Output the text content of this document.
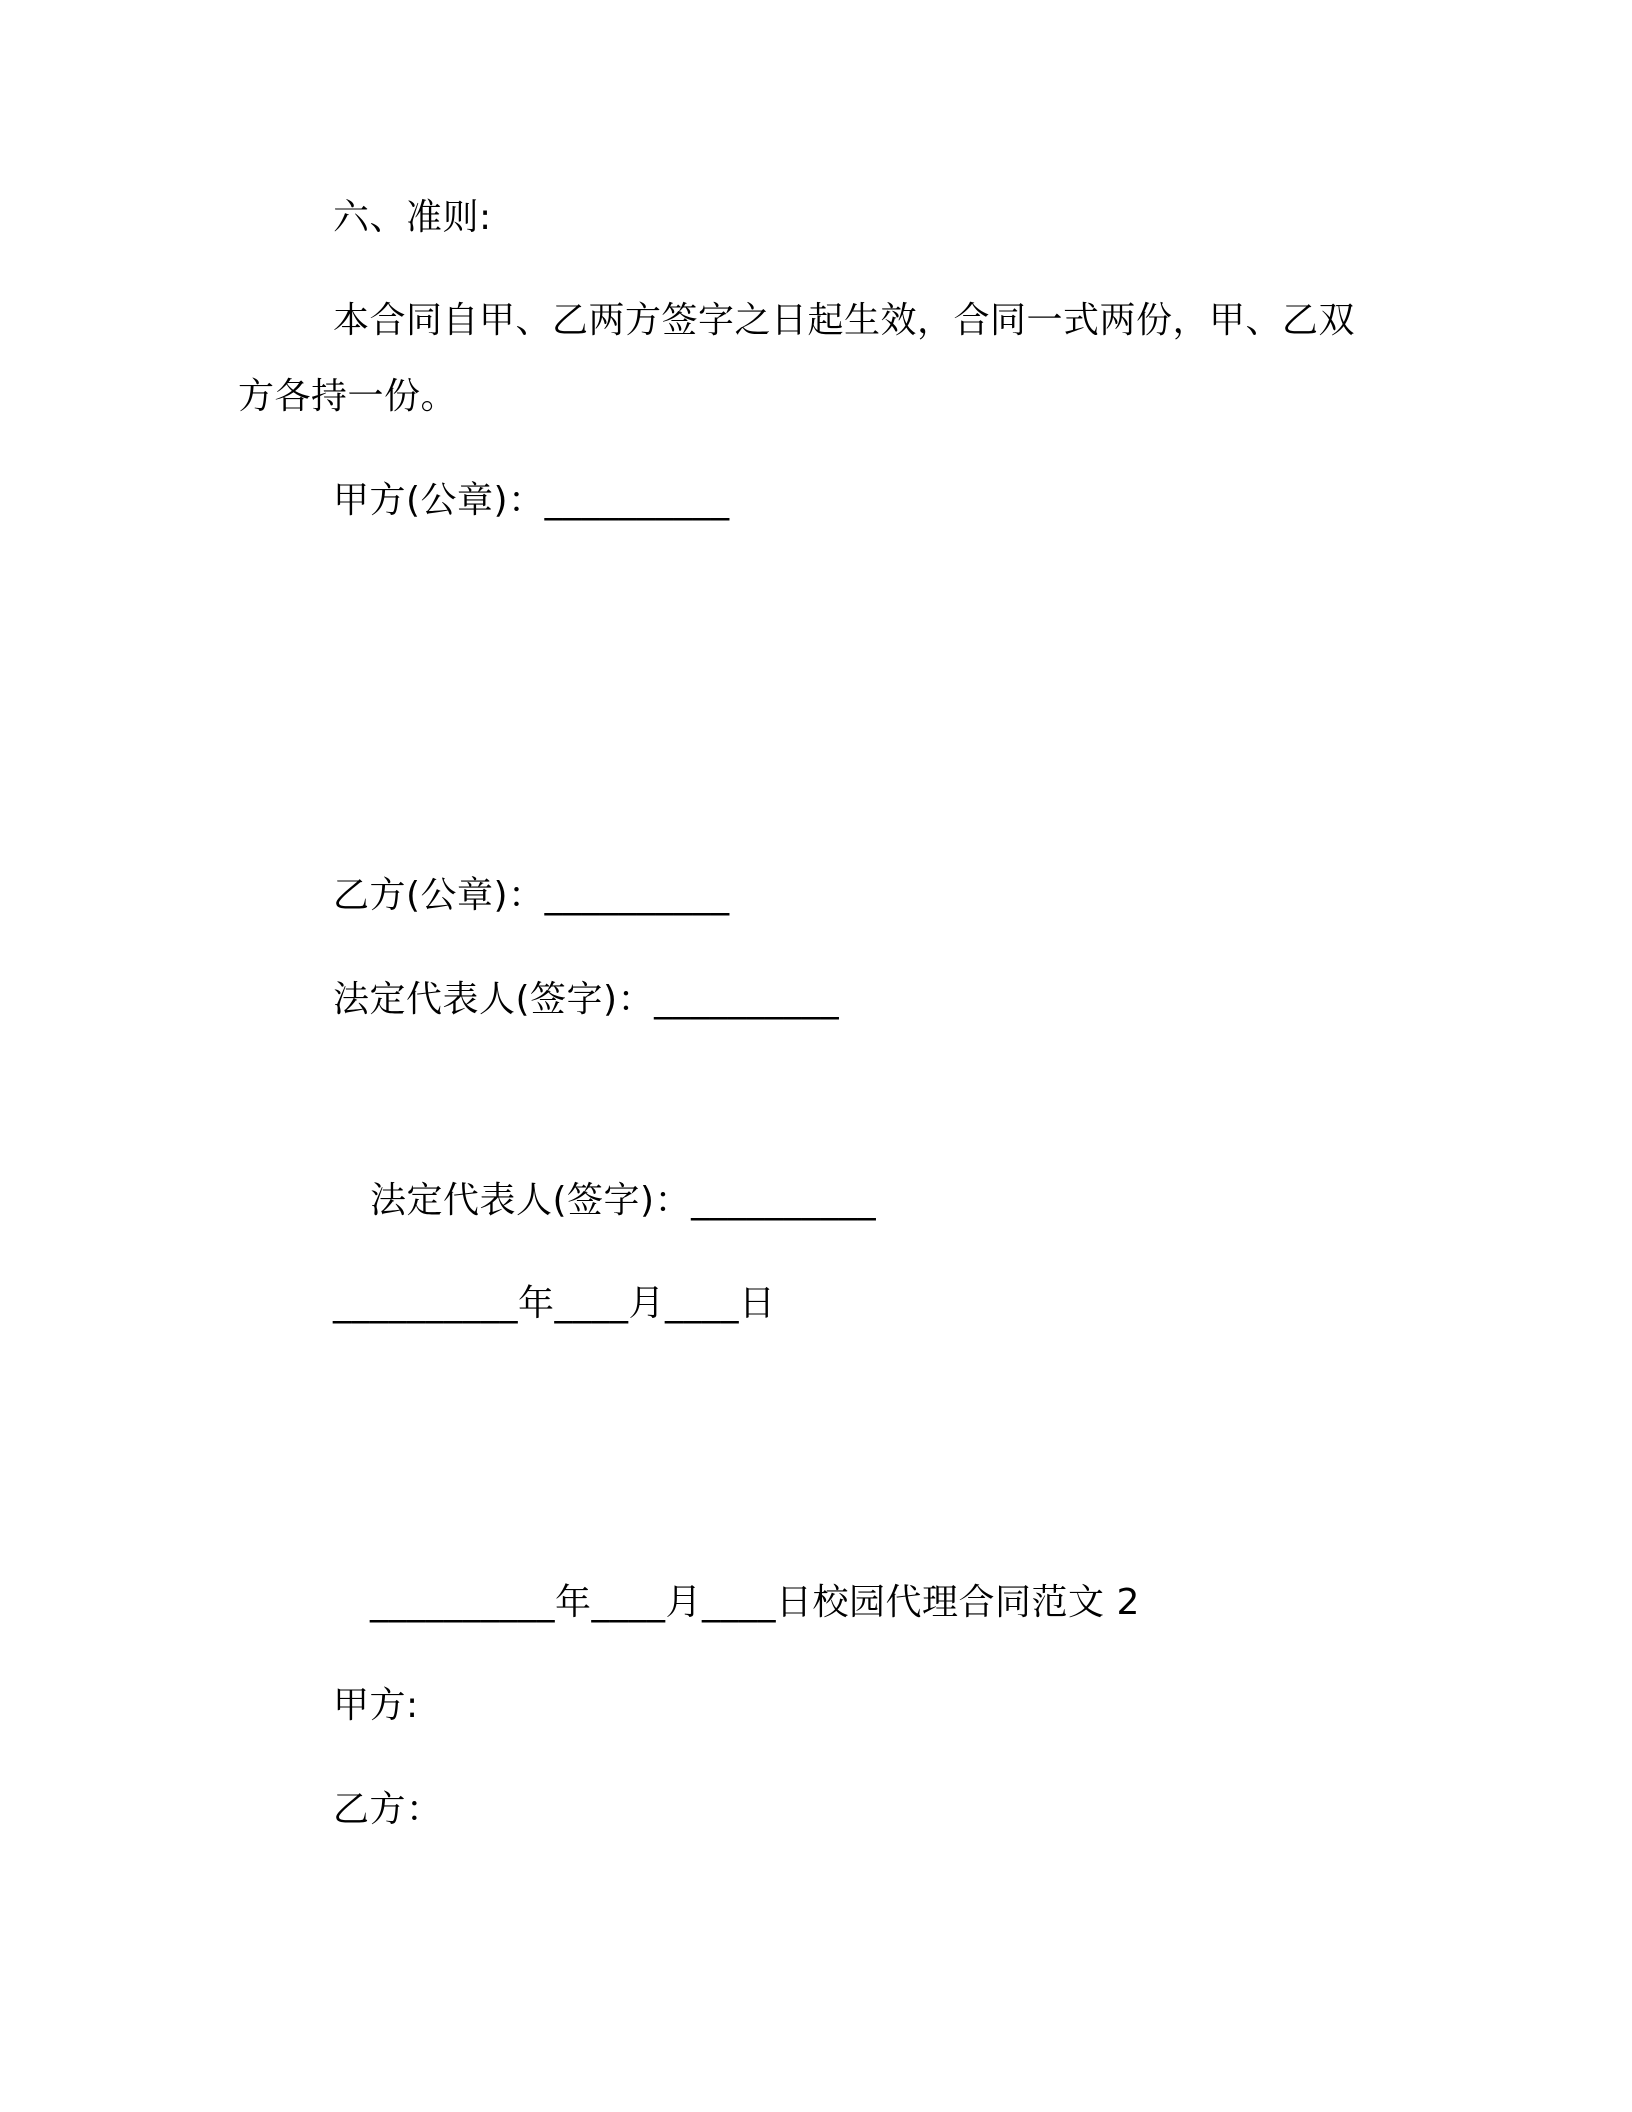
六、准则:
本合同自甲、乙两方签字之日起生效，合同一式两份，甲、乙双
方各持一份。
甲方(公章)：__________
乙方(公章)：__________
法定代表人(签字)：__________
法定代表人(签字)：__________
__________年____月____日
__________年____月____日校园代理合同范文 2
甲方:
乙方：
